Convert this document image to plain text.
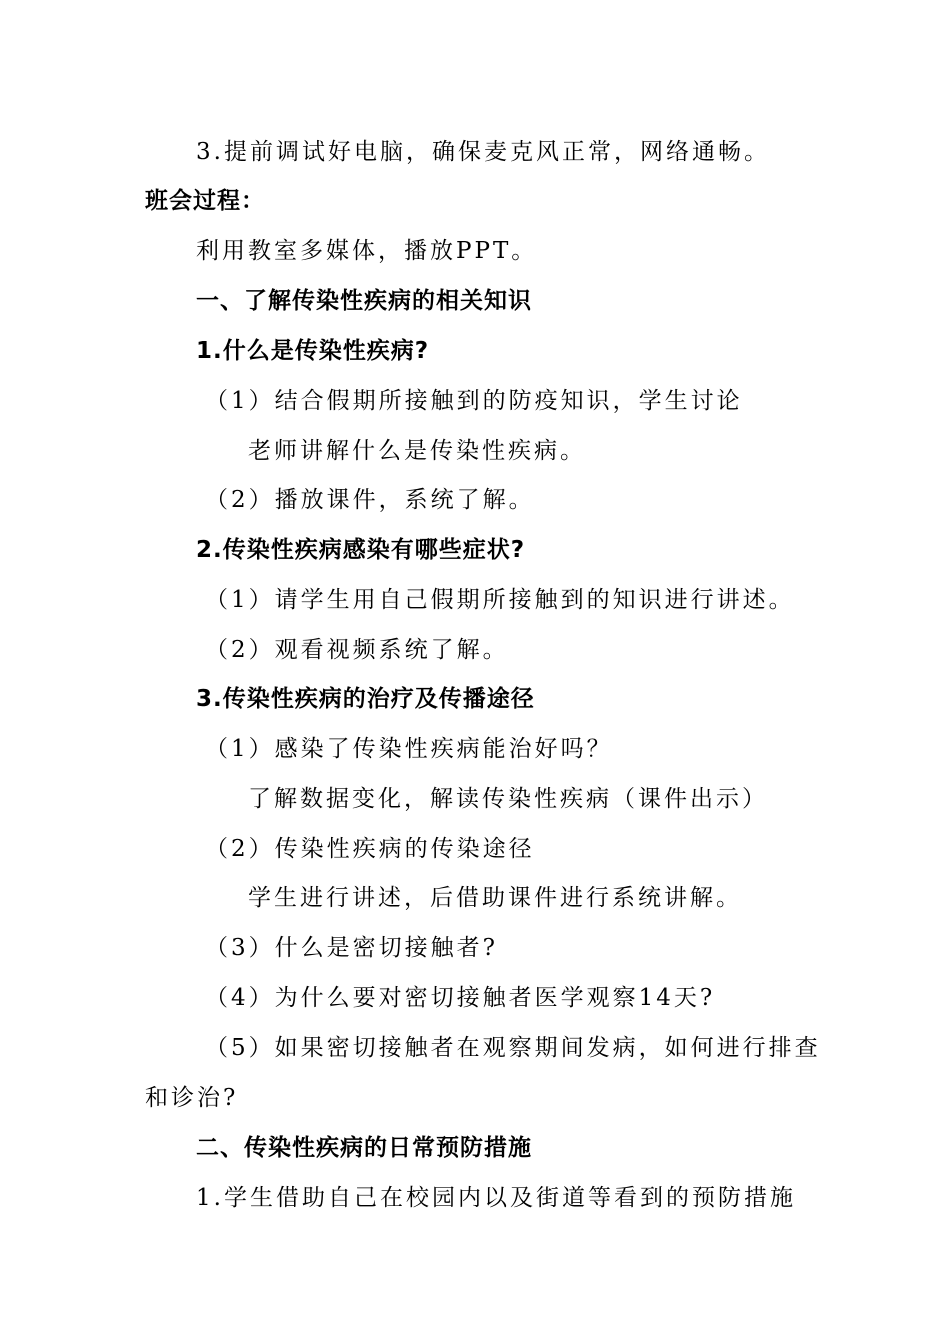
3.提前调试好电脑，确保麦克风正常，网络通畅。
班会过程：
利用教室多媒体，播放PPT。
一、了解传染性疾病的相关知识
1.什么是传染性疾病?
（1）结合假期所接触到的防疫知识，学生讨论
老师讲解什么是传染性疾病。
（2）播放课件，系统了解。
2.传染性疾病感染有哪些症状?
（1）请学生用自己假期所接触到的知识进行讲述。
（2）观看视频系统了解。
3.传染性疾病的治疗及传播途径
（1）感染了传染性疾病能治好吗？
了解数据变化，解读传染性疾病（课件出示）
（2）传染性疾病的传染途径
学生进行讲述，后借助课件进行系统讲解。
（3）什么是密切接触者?
（4）为什么要对密切接触者医学观察14天?
（5）如果密切接触者在观察期间发病，如何进行排查
和诊治?
二、传染性疾病的日常预防措施
1.学生借助自己在校园内以及街道等看到的预防措施
